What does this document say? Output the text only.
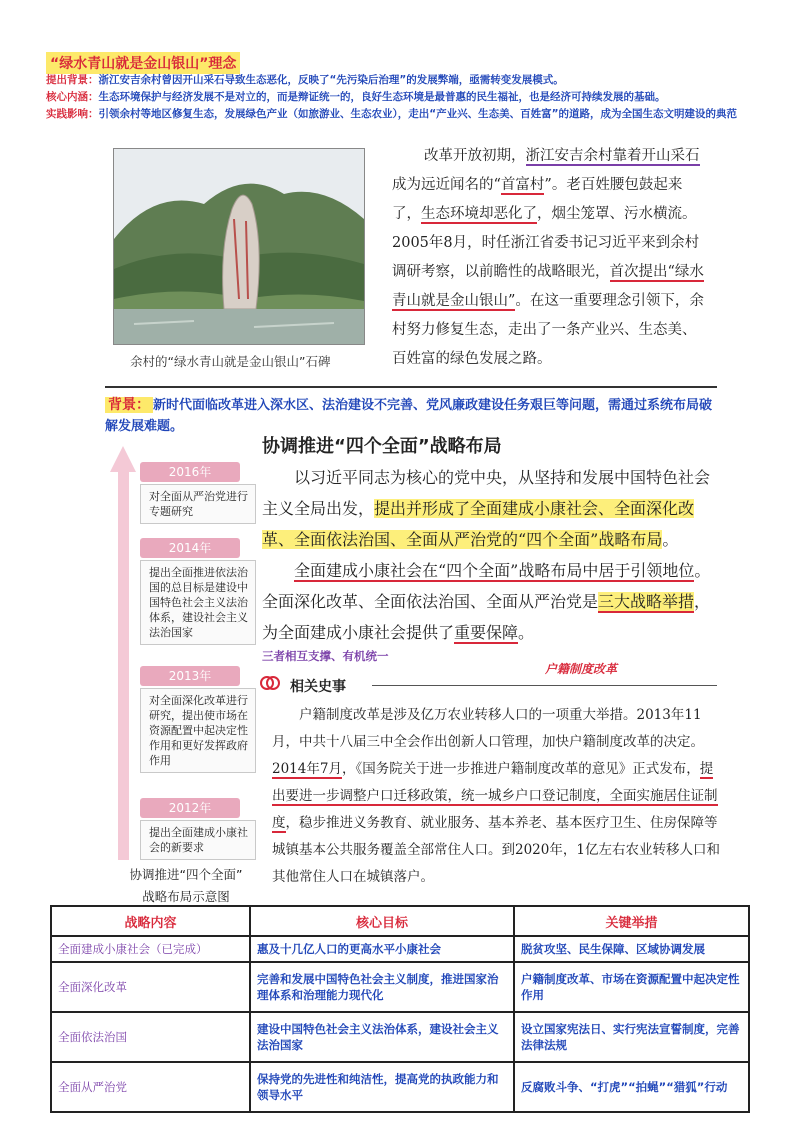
“绿水青山就是金山银山”理念
提出背景：浙江安吉余村曾因开山采石导致生态恶化，反映了“先污染后治理”的发展弊端，亟需转变发展模式。
核心内涵：生态环境保护与经济发展不是对立的，而是辩证统一的，良好生态环境是最普惠的民生福祉，也是经济可持续发展的基础。
实践影响：引领余村等地区修复生态，发展绿色产业（如旅游业、生态农业），走出“产业兴、生态美、百姓富”的道路，成为全国生态文明建设的典范
余村的“绿水青山就是金山银山”石碑
改革开放初期，浙江安吉余村靠着开山采石成为远近闻名的“首富村”。老百姓腰包鼓起来了，生态环境却恶化了，烟尘笼罩、污水横流。2005年8月，时任浙江省委书记习近平来到余村调研考察，以前瞻性的战略眼光，首次提出“绿水青山就是金山银山”。在这一重要理念引领下，余村努力修复生态，走出了一条产业兴、生态美、百姓富的绿色发展之路。
背景： 新时代面临改革进入深水区、法治建设不完善、党风廉政建设任务艰巨等问题，需通过系统布局破解发展难题。
协调推进“四个全面”战略布局
2016年
对全面从严治党进行专题研究
2014年
提出全面推进依法治国的总目标是建设中国特色社会主义法治体系，建设社会主义法治国家
2013年
对全面深化改革进行研究，提出使市场在资源配置中起决定性作用和更好发挥政府作用
2012年
提出全面建成小康社会的新要求
协调推进“四个全面”
战略布局示意图
以习近平同志为核心的党中央，从坚持和发展中国特色社会主义全局出发，提出并形成了全面建成小康社会、全面深化改革、全面依法治国、全面从严治党的“四个全面”战略布局。
全面建成小康社会在“四个全面”战略布局中居于引领地位。全面深化改革、全面依法治国、全面从严治党是三大战略举措，为全面建成小康社会提供了重要保障。
三者相互支撑、有机统一
户籍制度改革
相关史事
户籍制度改革是涉及亿万农业转移人口的一项重大举措。2013年11月，中共十八届三中全会作出创新人口管理，加快户籍制度改革的决定。2014年7月，《国务院关于进一步推进户籍制度改革的意见》正式发布，提出要进一步调整户口迁移政策，统一城乡户口登记制度，全面实施居住证制度，稳步推进义务教育、就业服务、基本养老、基本医疗卫生、住房保障等城镇基本公共服务覆盖全部常住人口。到2020年，1亿左右农业转移人口和其他常住人口在城镇落户。
战略内容	核心目标	关键举措
全面建成小康社会（已完成）	惠及十几亿人口的更高水平小康社会	脱贫攻坚、民生保障、区域协调发展
全面深化改革	完善和发展中国特色社会主义制度，推进国家治理体系和治理能力现代化	户籍制度改革、市场在资源配置中起决定性作用
全面依法治国	建设中国特色社会主义法治体系，建设社会主义法治国家	设立国家宪法日、实行宪法宣誓制度，完善法律法规
全面从严治党	保持党的先进性和纯洁性，提高党的执政能力和领导水平	反腐败斗争、“打虎”“拍蝇”“猎狐”行动
